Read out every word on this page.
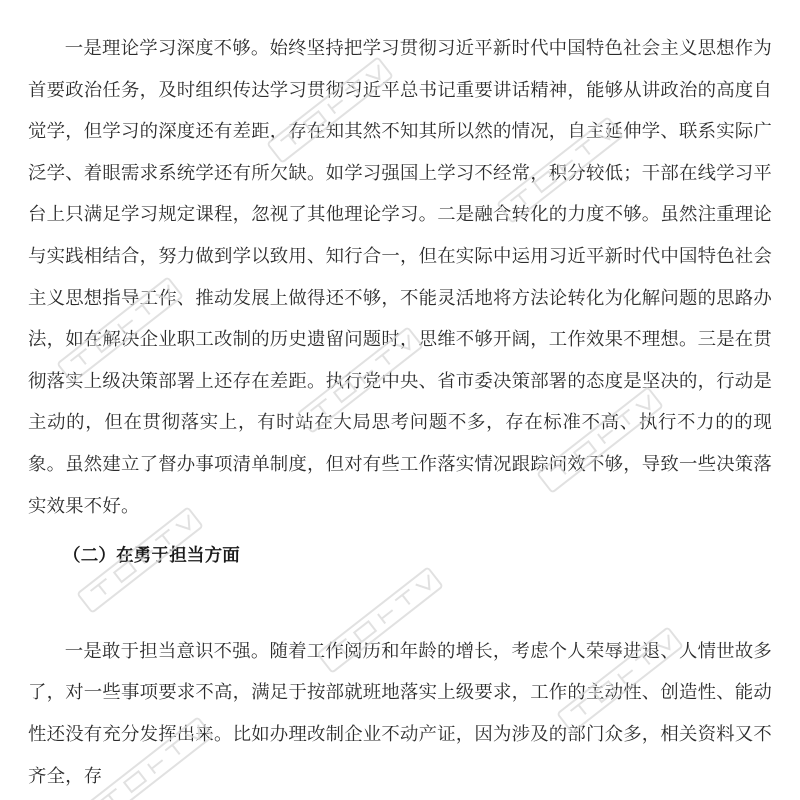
一是理论学习深度不够。始终坚持把学习贯彻习近平新时代中国特色社会主义思想作为首要政治任务，及时组织传达学习贯彻习近平总书记重要讲话精神，能够从讲政治的高度自觉学，但学习的深度还有差距，存在知其然不知其所以然的情况，自主延伸学、联系实际广泛学、着眼需求系统学还有所欠缺。如学习强国上学习不经常，积分较低；干部在线学习平台上只满足学习规定课程，忽视了其他理论学习。二是融合转化的力度不够。虽然注重理论与实践相结合，努力做到学以致用、知行合一，但在实际中运用习近平新时代中国特色社会主义思想指导工作、推动发展上做得还不够，不能灵活地将方法论转化为化解问题的思路办法，如在解决企业职工改制的历史遗留问题时，思维不够开阔，工作效果不理想。三是在贯彻落实上级决策部署上还存在差距。执行党中央、省市委决策部署的态度是坚决的，行动是主动的，但在贯彻落实上，有时站在大局思考问题不多，存在标准不高、执行不力的的现象。虽然建立了督办事项清单制度，但对有些工作落实情况跟踪问效不够，导致一些决策落实效果不好。

（二）在勇于担当方面

一是敢于担当意识不强。随着工作阅历和年龄的增长，考虑个人荣辱进退、人情世故多了，对一些事项要求不高，满足于按部就班地落实上级要求，工作的主动性、创造性、能动性还没有充分发挥出来。比如办理改制企业不动产证，因为涉及的部门众多，相关资料又不齐全，存
